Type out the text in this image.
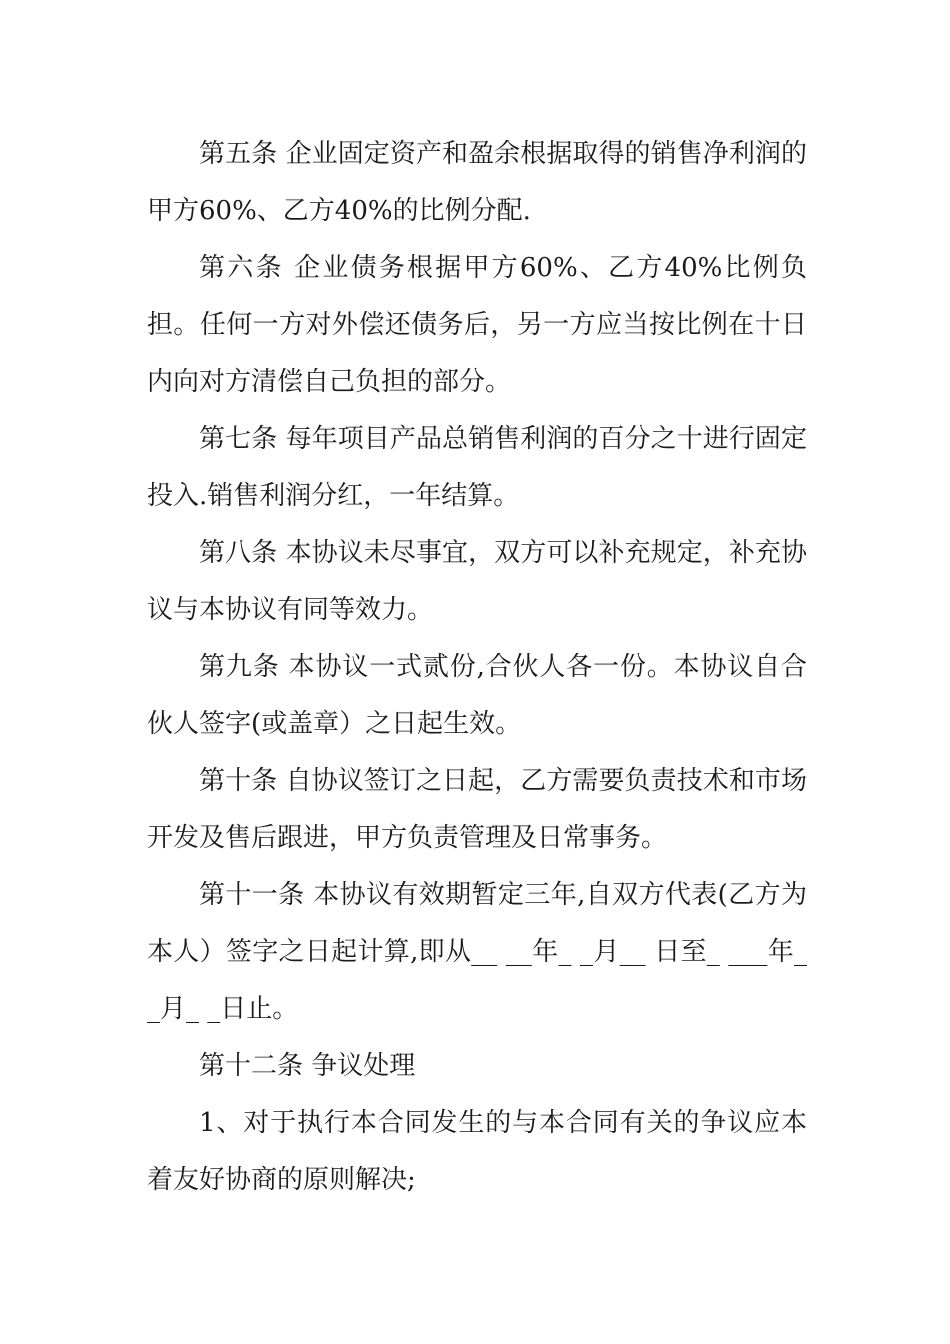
第五条 企业固定资产和盈余根据取得的销售净利润的甲方60%、乙方40%的比例分配.

第六条 企业债务根据甲方60%、乙方40%比例负担。任何一方对外偿还债务后，另一方应当按比例在十日内向对方清偿自己负担的部分。

第七条 每年项目产品总销售利润的百分之十进行固定投入.销售利润分红，一年结算。

第八条 本协议未尽事宜，双方可以补充规定，补充协议与本协议有同等效力。

第九条 本协议一式贰份,合伙人各一份。本协议自合伙人签字(或盖章）之日起生效。

第十条 自协议签订之日起，乙方需要负责技术和市场开发及售后跟进，甲方负责管理及日常事务。

第十一条 本协议有效期暂定三年,自双方代表(乙方为本人）签字之日起计算,即从__ __年_ _月__ 日至_ ___年_ _月_ _日止。

第十二条 争议处理

1、对于执行本合同发生的与本合同有关的争议应本着友好协商的原则解决;
